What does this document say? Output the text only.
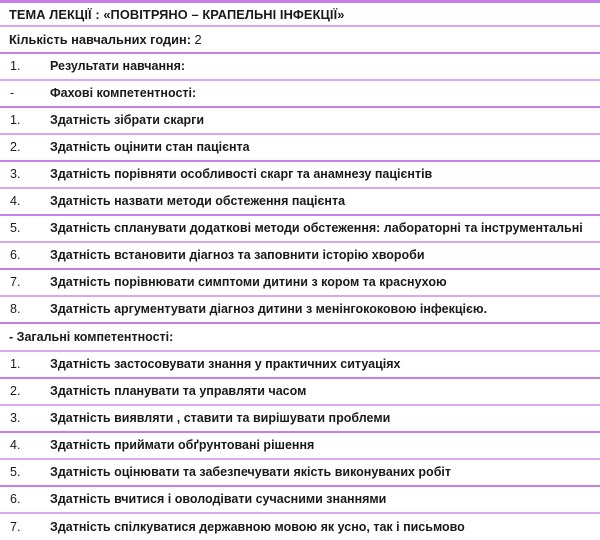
ТЕМА ЛЕКЦІЇ : «ПОВІТРЯНО – КРАПЕЛЬНІ ІНФЕКЦІЇ»
Кількість навчальних годин: 2
1.	Результати навчання:
-	Фахові компетентності:
1.	Здатність зібрати скарги
2.	Здатність оцінити стан пацієнта
3.	Здатність порівняти особливості скарг та анамнезу пацієнтів
4.	Здатність назвати методи обстеження пацієнта
5.	Здатність спланувати додаткові методи обстеження: лабораторні та інструментальні
6.	Здатність встановити діагноз та заповнити історію хвороби
7.	Здатність порівнювати симптоми дитини з кором та краснухою
8.	Здатність аргументувати діагноз дитини з менінгококовою інфекцією.
- Загальні компетентності:
1.	Здатність застосовувати знання у практичних ситуаціях
2.	Здатність планувати та управляти часом
3.	Здатність виявляти , ставити та вирішувати проблеми
4.	Здатність приймати обґрунтовані рішення
5.	Здатність оцінювати та забезпечувати якість виконуваних робіт
6.	Здатність вчитися і оволодівати сучасними знаннями
7.	Здатність спілкуватися державною мовою як усно, так і письмово
